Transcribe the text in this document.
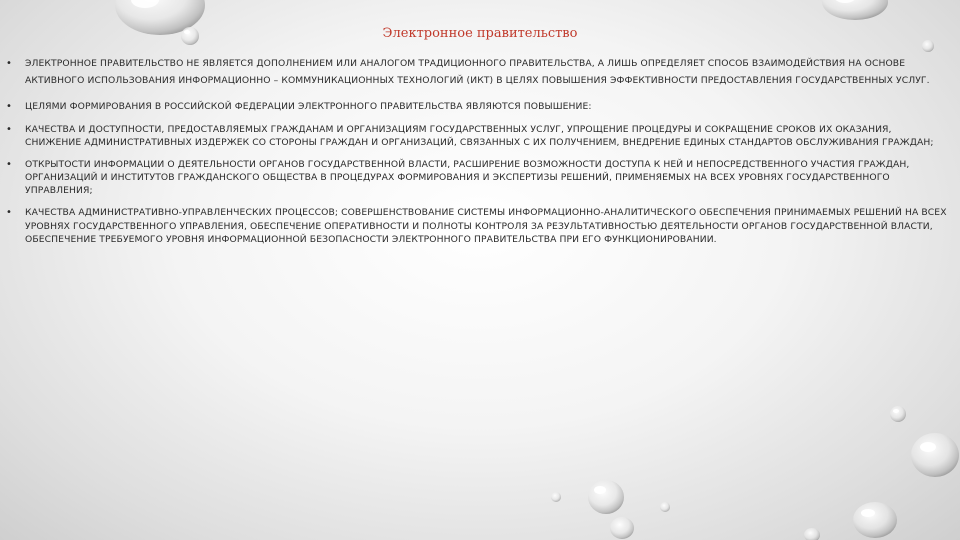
Электронное правительство
• ЭЛЕКТРОННОЕ ПРАВИТЕЛЬСТВО НЕ ЯВЛЯЕТСЯ ДОПОЛНЕНИЕМ ИЛИ АНАЛОГОМ ТРАДИЦИОННОГО ПРАВИТЕЛЬСТВА, А ЛИШЬ ОПРЕДЕЛЯЕТ СПОСОБ ВЗАИМОДЕЙСТВИЯ НА ОСНОВЕ АКТИВНОГО ИСПОЛЬЗОВАНИЯ ИНФОРМАЦИОННО – КОММУНИКАЦИОННЫХ ТЕХНОЛОГИЙ (ИКТ) В ЦЕЛЯХ ПОВЫШЕНИЯ ЭФФЕКТИВНОСТИ ПРЕДОСТАВЛЕНИЯ ГОСУДАРСТВЕННЫХ УСЛУГ.
• ЦЕЛЯМИ ФОРМИРОВАНИЯ В РОССИЙСКОЙ ФЕДЕРАЦИИ ЭЛЕКТРОННОГО ПРАВИТЕЛЬСТВА ЯВЛЯЮТСЯ ПОВЫШЕНИЕ:
• КАЧЕСТВА И ДОСТУПНОСТИ, ПРЕДОСТАВЛЯЕМЫХ ГРАЖДАНАМ И ОРГАНИЗАЦИЯМ ГОСУДАРСТВЕННЫХ УСЛУГ, УПРОЩЕНИЕ ПРОЦЕДУРЫ И СОКРАЩЕНИЕ СРОКОВ ИХ ОКАЗАНИЯ, СНИЖЕНИЕ АДМИНИСТРАТИВНЫХ ИЗДЕРЖЕК СО СТОРОНЫ ГРАЖДАН И ОРГАНИЗАЦИЙ, СВЯЗАННЫХ С ИХ ПОЛУЧЕНИЕМ, ВНЕДРЕНИЕ ЕДИНЫХ СТАНДАРТОВ ОБСЛУЖИВАНИЯ ГРАЖДАН;
• ОТКРЫТОСТИ ИНФОРМАЦИИ О ДЕЯТЕЛЬНОСТИ ОРГАНОВ ГОСУДАРСТВЕННОЙ ВЛАСТИ, РАСШИРЕНИЕ ВОЗМОЖНОСТИ ДОСТУПА К НЕЙ И НЕПОСРЕДСТВЕННОГО УЧАСТИЯ ГРАЖДАН, ОРГАНИЗАЦИЙ И ИНСТИТУТОВ ГРАЖДАНСКОГО ОБЩЕСТВА В ПРОЦЕДУРАХ ФОРМИРОВАНИЯ И ЭКСПЕРТИЗЫ РЕШЕНИЙ, ПРИМЕНЯЕМЫХ НА ВСЕХ УРОВНЯХ ГОСУДАРСТВЕННОГО УПРАВЛЕНИЯ;
• КАЧЕСТВА АДМИНИСТРАТИВНО-УПРАВЛЕНЧЕСКИХ ПРОЦЕССОВ; СОВЕРШЕНСТВОВАНИЕ СИСТЕМЫ ИНФОРМАЦИОННО-АНАЛИТИЧЕСКОГО ОБЕСПЕЧЕНИЯ ПРИНИМАЕМЫХ РЕШЕНИЙ НА ВСЕХ УРОВНЯХ ГОСУДАРСТВЕННОГО УПРАВЛЕНИЯ, ОБЕСПЕЧЕНИЕ ОПЕРАТИВНОСТИ И ПОЛНОТЫ КОНТРОЛЯ ЗА РЕЗУЛЬТАТИВНОСТЬЮ ДЕЯТЕЛЬНОСТИ ОРГАНОВ ГОСУДАРСТВЕННОЙ ВЛАСТИ, ОБЕСПЕЧЕНИЕ ТРЕБУЕМОГО УРОВНЯ ИНФОРМАЦИОННОЙ БЕЗОПАСНОСТИ ЭЛЕКТРОННОГО ПРАВИТЕЛЬСТВА ПРИ ЕГО ФУНКЦИОНИРОВАНИИ.
